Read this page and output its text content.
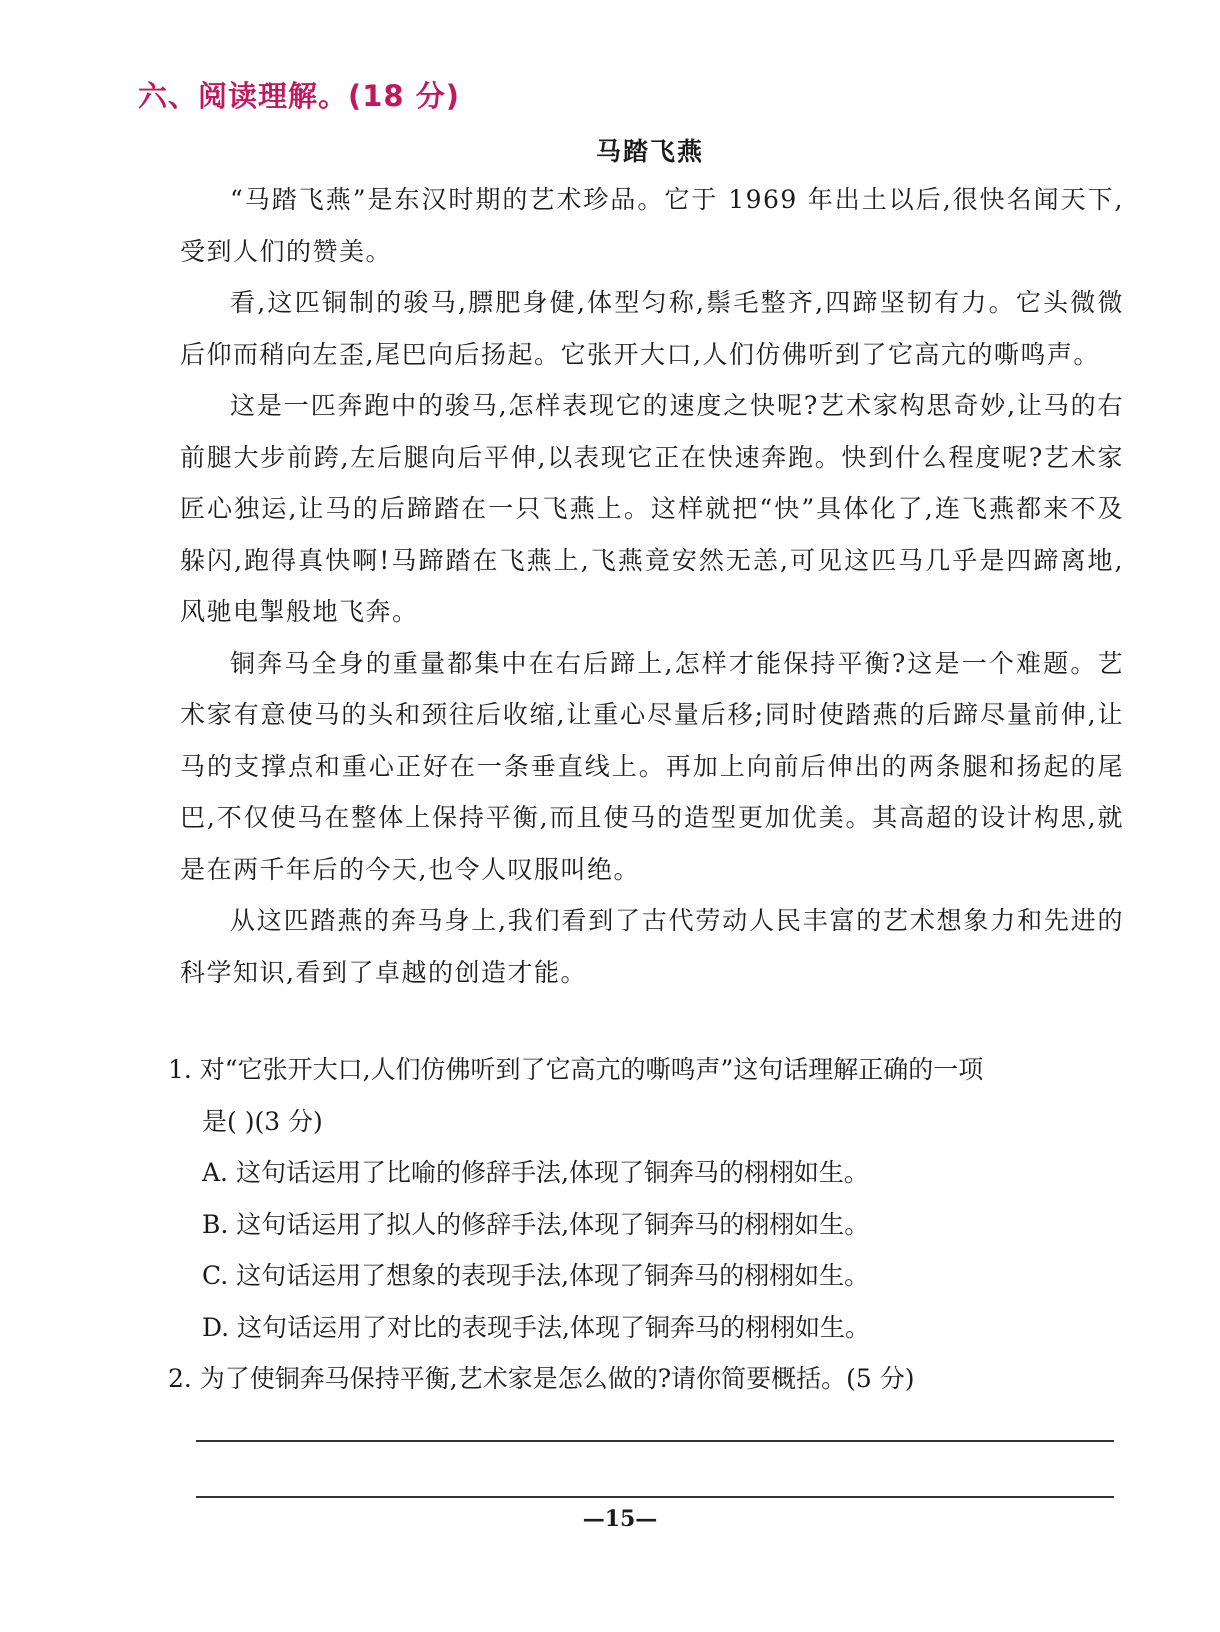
六、阅读理解。(18 分)
马踏飞燕

“马踏飞燕”是东汉时期的艺术珍品。它于 1969 年出土以后,很快名闻天下,受到人们的赞美。

看,这匹铜制的骏马,膘肥身健,体型匀称,鬃毛整齐,四蹄坚韧有力。它头微微后仰而稍向左歪,尾巴向后扬起。它张开大口,人们仿佛听到了它高亢的嘶鸣声。

这是一匹奔跑中的骏马,怎样表现它的速度之快呢?艺术家构思奇妙,让马的右前腿大步前跨,左后腿向后平伸,以表现它正在快速奔跑。快到什么程度呢?艺术家匠心独运,让马的后蹄踏在一只飞燕上。这样就把“快”具体化了,连飞燕都来不及躲闪,跑得真快啊!马蹄踏在飞燕上,飞燕竟安然无恙,可见这匹马几乎是四蹄离地,风驰电掣般地飞奔。

铜奔马全身的重量都集中在右后蹄上,怎样才能保持平衡?这是一个难题。艺术家有意使马的头和颈往后收缩,让重心尽量后移;同时使踏燕的后蹄尽量前伸,让马的支撑点和重心正好在一条垂直线上。再加上向前后伸出的两条腿和扬起的尾巴,不仅使马在整体上保持平衡,而且使马的造型更加优美。其高超的设计构思,就是在两千年后的今天,也令人叹服叫绝。

从这匹踏燕的奔马身上,我们看到了古代劳动人民丰富的艺术想象力和先进的科学知识,看到了卓越的创造才能。

1. 对“它张开大口,人们仿佛听到了它高亢的嘶鸣声”这句话理解正确的一项
是( )(3 分)
A. 这句话运用了比喻的修辞手法,体现了铜奔马的栩栩如生。
B. 这句话运用了拟人的修辞手法,体现了铜奔马的栩栩如生。
C. 这句话运用了想象的表现手法,体现了铜奔马的栩栩如生。
D. 这句话运用了对比的表现手法,体现了铜奔马的栩栩如生。
2. 为了使铜奔马保持平衡,艺术家是怎么做的?请你简要概括。(5 分)
—15—
